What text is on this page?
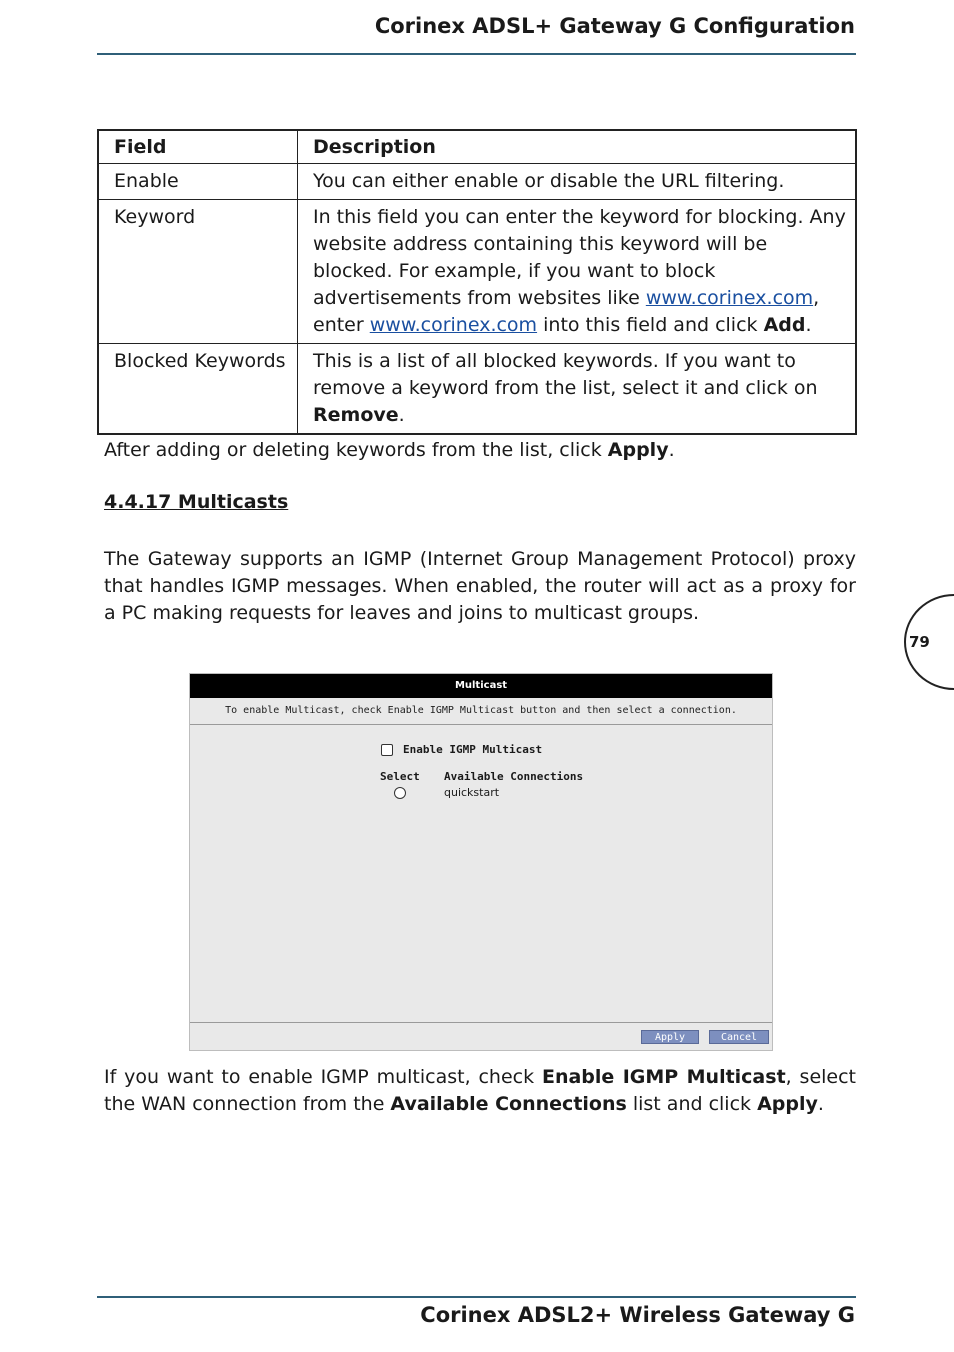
Corinex ADSL+ Gateway G Configuration
79
Field	Description
Enable	You can either enable or disable the URL filtering.
Keyword	In this field you can enter the keyword for blocking. Any website address containing this keyword will be blocked. For example, if you want to block advertisements from websites like www.corinex.com, enter www.corinex.com into this field and click Add.
Blocked Keywords	This is a list of all blocked keywords. If you want to remove a keyword from the list, select it and click on Remove.
After adding or deleting keywords from the list, click Apply.
4.4.17 Multicasts
The Gateway supports an IGMP (Internet Group Management Protocol) proxy that handles IGMP messages. When enabled, the router will act as a proxy for a PC making requests for leaves and joins to multicast groups.
Multicast
To enable Multicast, check Enable IGMP Multicast button and then select a connection.
Enable IGMP Multicast
Select Available Connections
quickstart
Apply	Cancel
If you want to enable IGMP multicast, check Enable IGMP Multicast, select the WAN connection from the Available Connections list and click Apply.
Corinex ADSL2+ Wireless Gateway G
